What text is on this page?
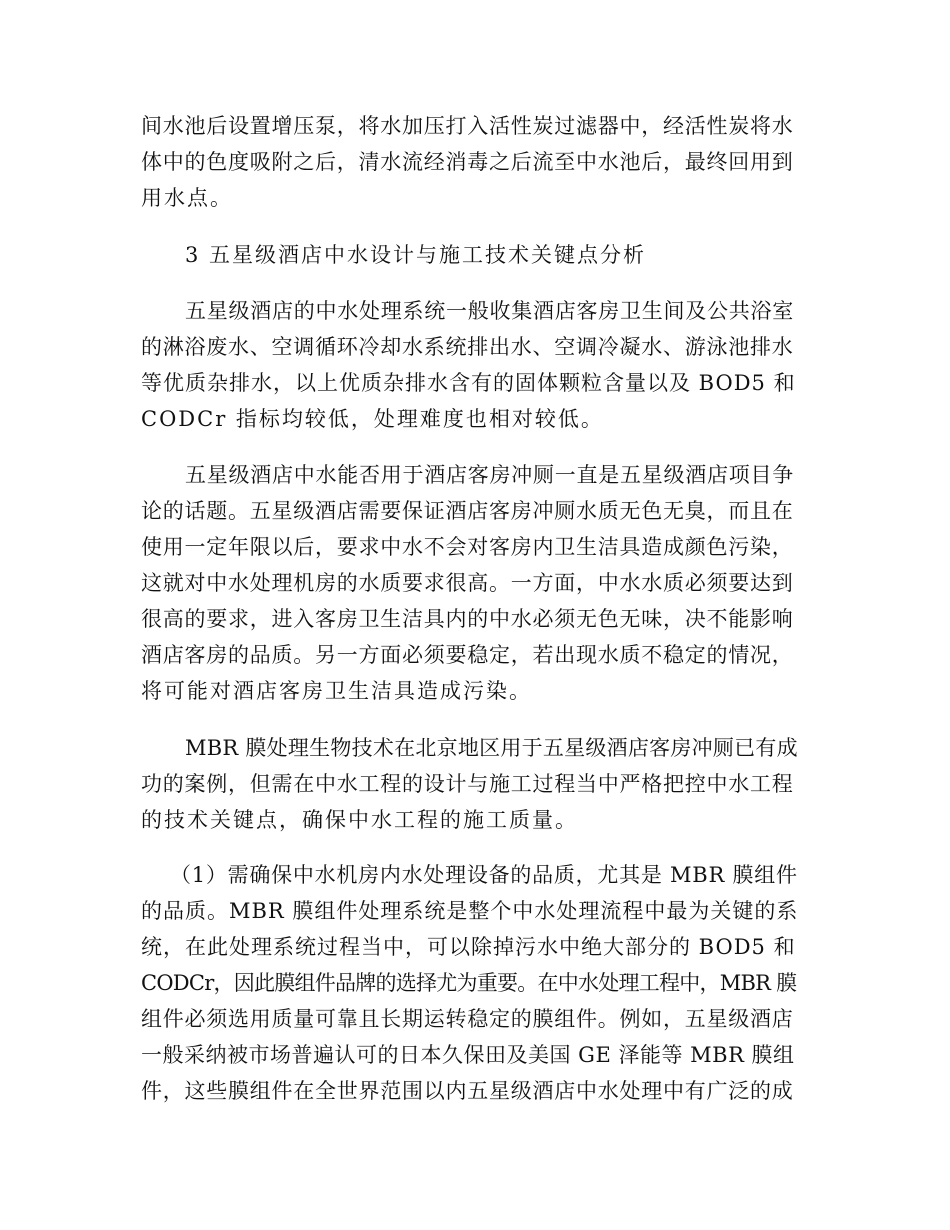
间水池后设置增压泵，将水加压打入活性炭过滤器中，经活性炭将水
体中的色度吸附之后，清水流经消毒之后流至中水池后，最终回用到
用水点。
3 五星级酒店中水设计与施工技术关键点分析
五星级酒店的中水处理系统一般收集酒店客房卫生间及公共浴室
的淋浴废水、空调循环冷却水系统排出水、空调冷凝水、游泳池排水
等优质杂排水，以上优质杂排水含有的固体颗粒含量以及 BOD5 和
CODCr 指标均较低，处理难度也相对较低。
五星级酒店中水能否用于酒店客房冲厕一直是五星级酒店项目争
论的话题。五星级酒店需要保证酒店客房冲厕水质无色无臭，而且在
使用一定年限以后，要求中水不会对客房内卫生洁具造成颜色污染，
这就对中水处理机房的水质要求很高。一方面，中水水质必须要达到
很高的要求，进入客房卫生洁具内的中水必须无色无味，决不能影响
酒店客房的品质。另一方面必须要稳定，若出现水质不稳定的情况，
将可能对酒店客房卫生洁具造成污染。
MBR 膜处理生物技术在北京地区用于五星级酒店客房冲厕已有成
功的案例，但需在中水工程的设计与施工过程当中严格把控中水工程
的技术关键点，确保中水工程的施工质量。
（1）需确保中水机房内水处理设备的品质，尤其是 MBR 膜组件
的品质。MBR 膜组件处理系统是整个中水处理流程中最为关键的系
统，在此处理系统过程当中，可以除掉污水中绝大部分的 BOD5 和
CODCr，因此膜组件品牌的选择尤为重要。在中水处理工程中，MBR 膜
组件必须选用质量可靠且长期运转稳定的膜组件。例如，五星级酒店
一般采纳被市场普遍认可的日本久保田及美国 GE 泽能等 MBR 膜组
件，这些膜组件在全世界范围以内五星级酒店中水处理中有广泛的成
